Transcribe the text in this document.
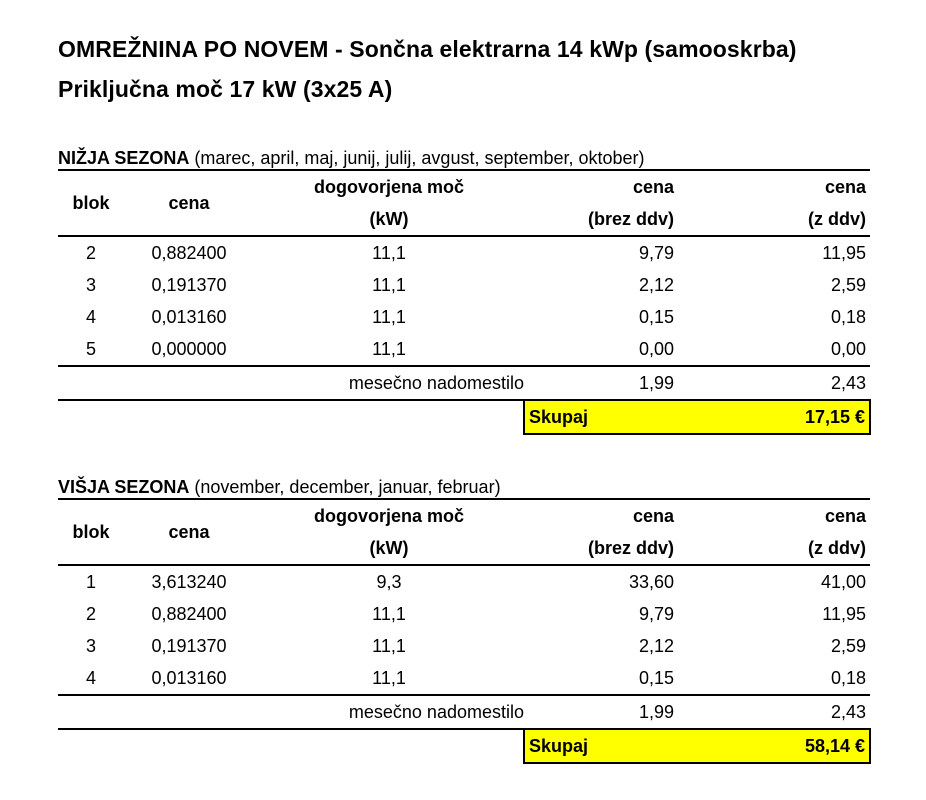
OMREŽNINA PO NOVEM - Sončna elektrarna 14 kWp (samooskrba)
Priključna moč 17 kW (3x25 A)
NIŽJA SEZONA (marec, april, maj, junij, julij, avgust, september, oktober)
blok	cena	dogovorjena moč	cena	cena
		(kW)	(brez ddv)	(z ddv)
2	0,882400	11,1	9,79	11,95
3	0,191370	11,1	2,12	2,59
4	0,013160	11,1	0,15	0,18
5	0,000000	11,1	0,00	0,00
mesečno nadomestilo			1,99	2,43
			Skupaj	17,15 €
VIŠJA SEZONA (november, december, januar, februar)
blok	cena	dogovorjena moč	cena	cena
		(kW)	(brez ddv)	(z ddv)
1	3,613240	9,3	33,60	41,00
2	0,882400	11,1	9,79	11,95
3	0,191370	11,1	2,12	2,59
4	0,013160	11,1	0,15	0,18
mesečno nadomestilo			1,99	2,43
			Skupaj	58,14 €
